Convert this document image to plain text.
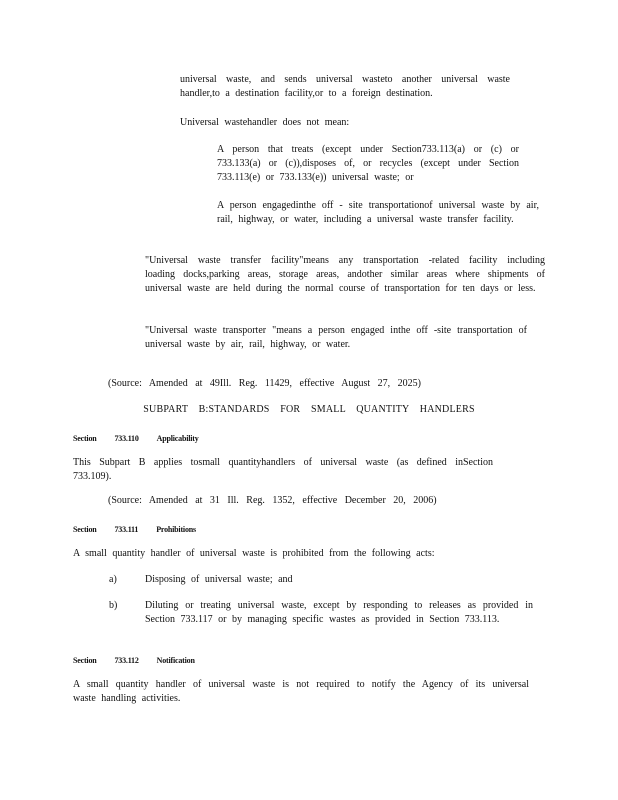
universal waste, and sends universal wasteto another universal waste handler,to a destination facility,or to a foreign destination.

Universal wastehandler does not mean:

A person that treats (except under Section733.113(a) or (c) or 733.133(a) or (c)),disposes of, or recycles (except under Section 733.113(e) or 733.133(e)) universal waste; or

A person engagedinthe off - site transportationof universal waste by air, rail, highway, or water, including a universal waste transfer facility.

"Universal waste transfer facility"means any transportation -related facility including loading docks,parking areas, storage areas, andother similar areas where shipments of universal waste are held during the normal course of transportation for ten days or less.

"Universal waste transporter "means a person engaged inthe off -site transportation of universal waste by air, rail, highway, or water.

(Source: Amended at 49Ill. Reg. 11429, effective August 27, 2025)

SUBPART B:STANDARDS FOR SMALL QUANTITY HANDLERS
Section 733.110 Applicability

This Subpart B applies tosmall quantityhandlers of universal waste (as defined inSection 733.109).

(Source: Amended at 31 Ill. Reg. 1352, effective December 20, 2006)

Section 733.111 Prohibitions

A small quantity handler of universal waste is prohibited from the following acts:

a)	Disposing of universal waste; and
b)	Diluting or treating universal waste, except by responding to releases as provided in Section 733.117 or by managing specific wastes as provided in Section 733.113.
Section 733.112 Notification

A small quantity handler of universal waste is not required to notify the Agency of its universal waste handling activities.
